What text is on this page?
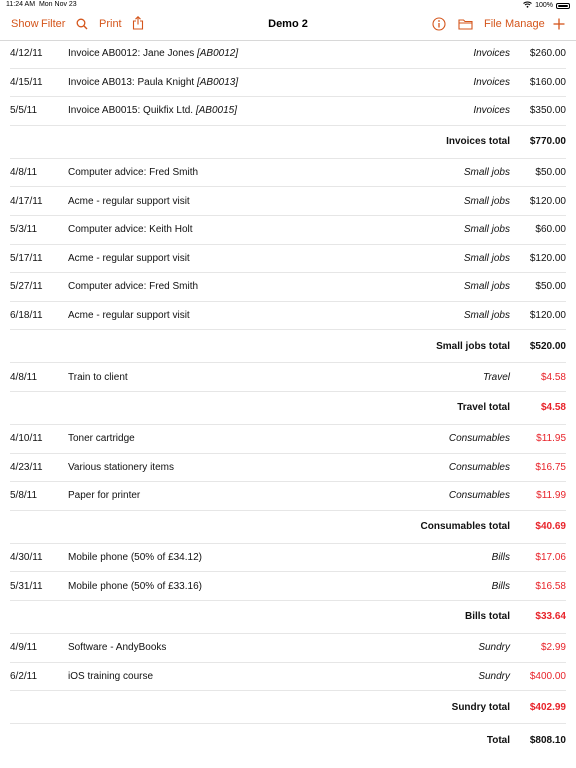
11:24 AM Mon Nov 23	100%
Show Filter	Print	Demo 2	File Manage
4/12/11	Invoice AB0012: Jane Jones [AB0012]	Invoices	$260.00
4/15/11	Invoice AB013: Paula Knight [AB0013]	Invoices	$160.00
5/5/11	Invoice AB0015: Quikfix Ltd. [AB0015]	Invoices	$350.00
Invoices total	$770.00
4/8/11	Computer advice: Fred Smith	Small jobs	$50.00
4/17/11	Acme - regular support visit	Small jobs	$120.00
5/3/11	Computer advice: Keith Holt	Small jobs	$60.00
5/17/11	Acme - regular support visit	Small jobs	$120.00
5/27/11	Computer advice: Fred Smith	Small jobs	$50.00
6/18/11	Acme - regular support visit	Small jobs	$120.00
Small jobs total	$520.00
4/8/11	Train to client	Travel	$4.58
Travel total	$4.58
4/10/11	Toner cartridge	Consumables	$11.95
4/23/11	Various stationery items	Consumables	$16.75
5/8/11	Paper for printer	Consumables	$11.99
Consumables total	$40.69
4/30/11	Mobile phone (50% of £34.12)	Bills	$17.06
5/31/11	Mobile phone (50% of £33.16)	Bills	$16.58
Bills total	$33.64
4/9/11	Software - AndyBooks	Sundry	$2.99
6/2/11	iOS training course	Sundry	$400.00
Sundry total	$402.99
Total	$808.10
